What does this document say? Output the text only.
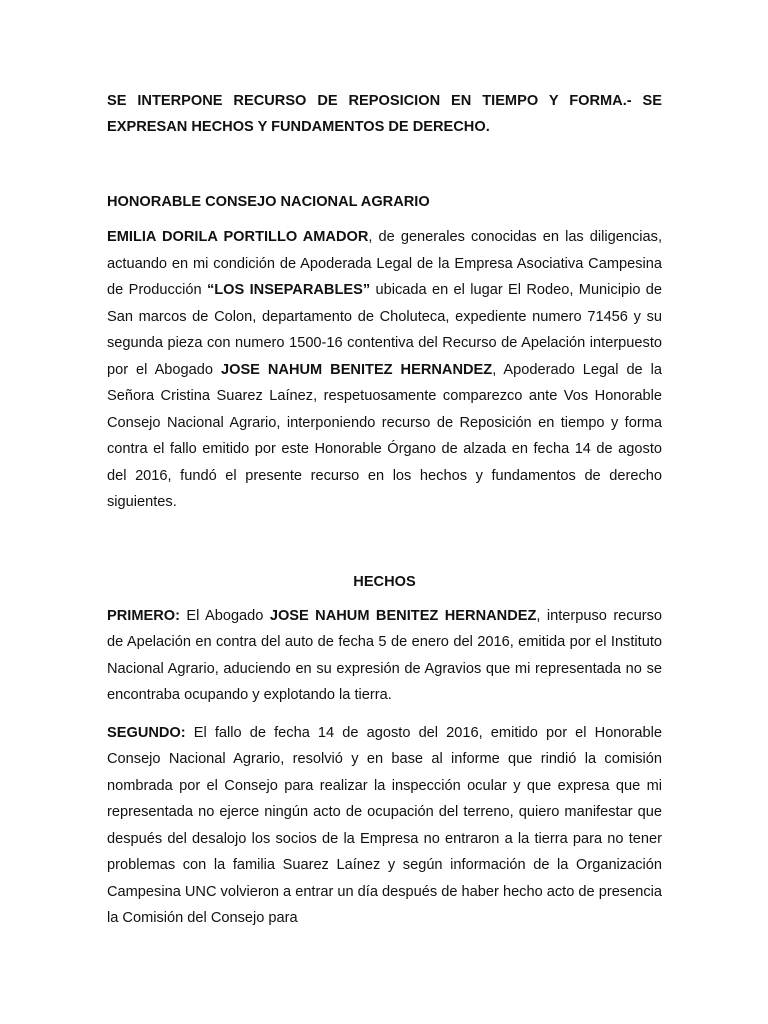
SE INTERPONE RECURSO DE REPOSICION EN TIEMPO Y FORMA.- SE
EXPRESAN HECHOS Y FUNDAMENTOS DE DERECHO.

HONORABLE CONSEJO NACIONAL AGRARIO

EMILIA DORILA PORTILLO AMADOR, de generales conocidas en las diligencias, actuando en mi condición de Apoderada Legal de la Empresa Asociativa Campesina de Producción “LOS INSEPARABLES” ubicada en el lugar El Rodeo, Municipio de San marcos de Colon, departamento de Choluteca, expediente numero 71456 y su segunda pieza con numero 1500-16 contentiva del Recurso de Apelación interpuesto por el Abogado JOSE NAHUM BENITEZ HERNANDEZ, Apoderado Legal de la Señora Cristina Suarez Laínez, respetuosamente comparezco ante Vos Honorable Consejo Nacional Agrario, interponiendo recurso de Reposición en tiempo y forma contra el fallo emitido por este Honorable Órgano de alzada en fecha 14 de agosto del 2016, fundó el presente recurso en los hechos y fundamentos de derecho siguientes.

HECHOS

PRIMERO: El Abogado JOSE NAHUM BENITEZ HERNANDEZ, interpuso recurso de Apelación en contra del auto de fecha 5 de enero del 2016, emitida por el Instituto Nacional Agrario, aduciendo en su expresión de Agravios que mi representada no se encontraba ocupando y explotando la tierra.

SEGUNDO: El fallo de fecha 14 de agosto del 2016, emitido por el Honorable Consejo Nacional Agrario, resolvió y en base al informe que rindió la comisión nombrada por el Consejo para realizar la inspección ocular y que expresa que mi representada no ejerce ningún acto de ocupación del terreno, quiero manifestar que después del desalojo los socios de la Empresa no entraron a la tierra para no tener problemas con la familia Suarez Laínez y según información de la Organización Campesina UNC volvieron a entrar un día después de haber hecho acto de presencia la Comisión del Consejo para
